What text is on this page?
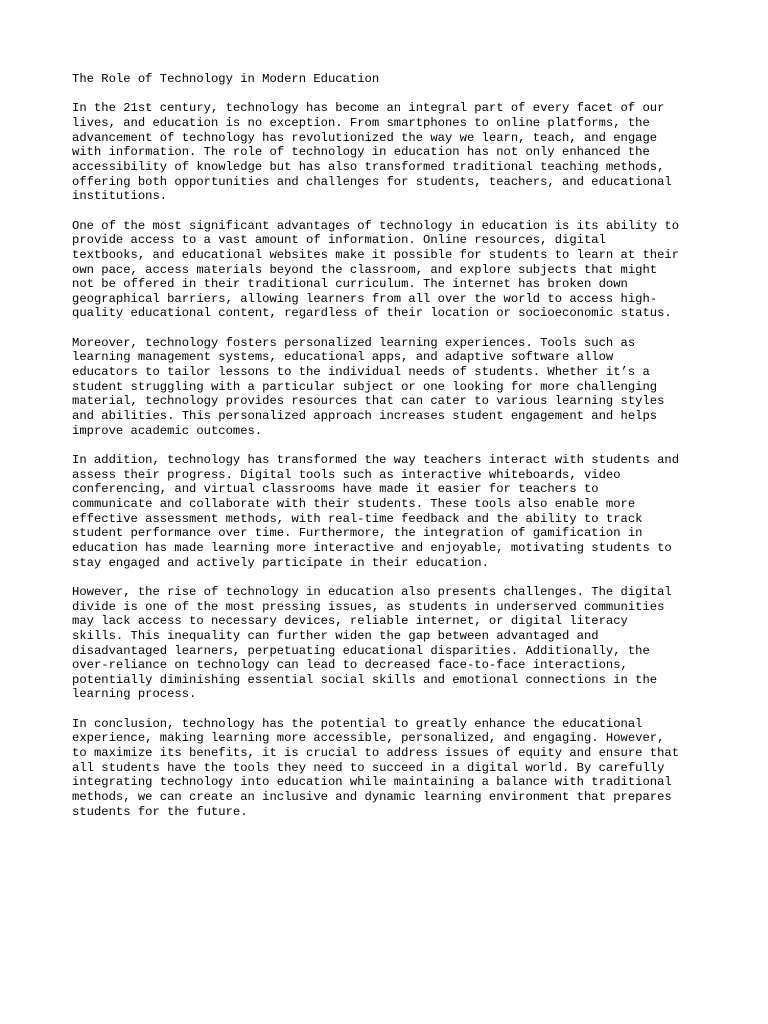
The Role of Technology in Modern Education

In the 21st century, technology has become an integral part of every facet of our
lives, and education is no exception. From smartphones to online platforms, the
advancement of technology has revolutionized the way we learn, teach, and engage
with information. The role of technology in education has not only enhanced the
accessibility of knowledge but has also transformed traditional teaching methods,
offering both opportunities and challenges for students, teachers, and educational
institutions.

One of the most significant advantages of technology in education is its ability to
provide access to a vast amount of information. Online resources, digital
textbooks, and educational websites make it possible for students to learn at their
own pace, access materials beyond the classroom, and explore subjects that might
not be offered in their traditional curriculum. The internet has broken down
geographical barriers, allowing learners from all over the world to access high-
quality educational content, regardless of their location or socioeconomic status.

Moreover, technology fosters personalized learning experiences. Tools such as
learning management systems, educational apps, and adaptive software allow
educators to tailor lessons to the individual needs of students. Whether it’s a
student struggling with a particular subject or one looking for more challenging
material, technology provides resources that can cater to various learning styles
and abilities. This personalized approach increases student engagement and helps
improve academic outcomes.

In addition, technology has transformed the way teachers interact with students and
assess their progress. Digital tools such as interactive whiteboards, video
conferencing, and virtual classrooms have made it easier for teachers to
communicate and collaborate with their students. These tools also enable more
effective assessment methods, with real-time feedback and the ability to track
student performance over time. Furthermore, the integration of gamification in
education has made learning more interactive and enjoyable, motivating students to
stay engaged and actively participate in their education.

However, the rise of technology in education also presents challenges. The digital
divide is one of the most pressing issues, as students in underserved communities
may lack access to necessary devices, reliable internet, or digital literacy
skills. This inequality can further widen the gap between advantaged and
disadvantaged learners, perpetuating educational disparities. Additionally, the
over-reliance on technology can lead to decreased face-to-face interactions,
potentially diminishing essential social skills and emotional connections in the
learning process.

In conclusion, technology has the potential to greatly enhance the educational
experience, making learning more accessible, personalized, and engaging. However,
to maximize its benefits, it is crucial to address issues of equity and ensure that
all students have the tools they need to succeed in a digital world. By carefully
integrating technology into education while maintaining a balance with traditional
methods, we can create an inclusive and dynamic learning environment that prepares
students for the future.
